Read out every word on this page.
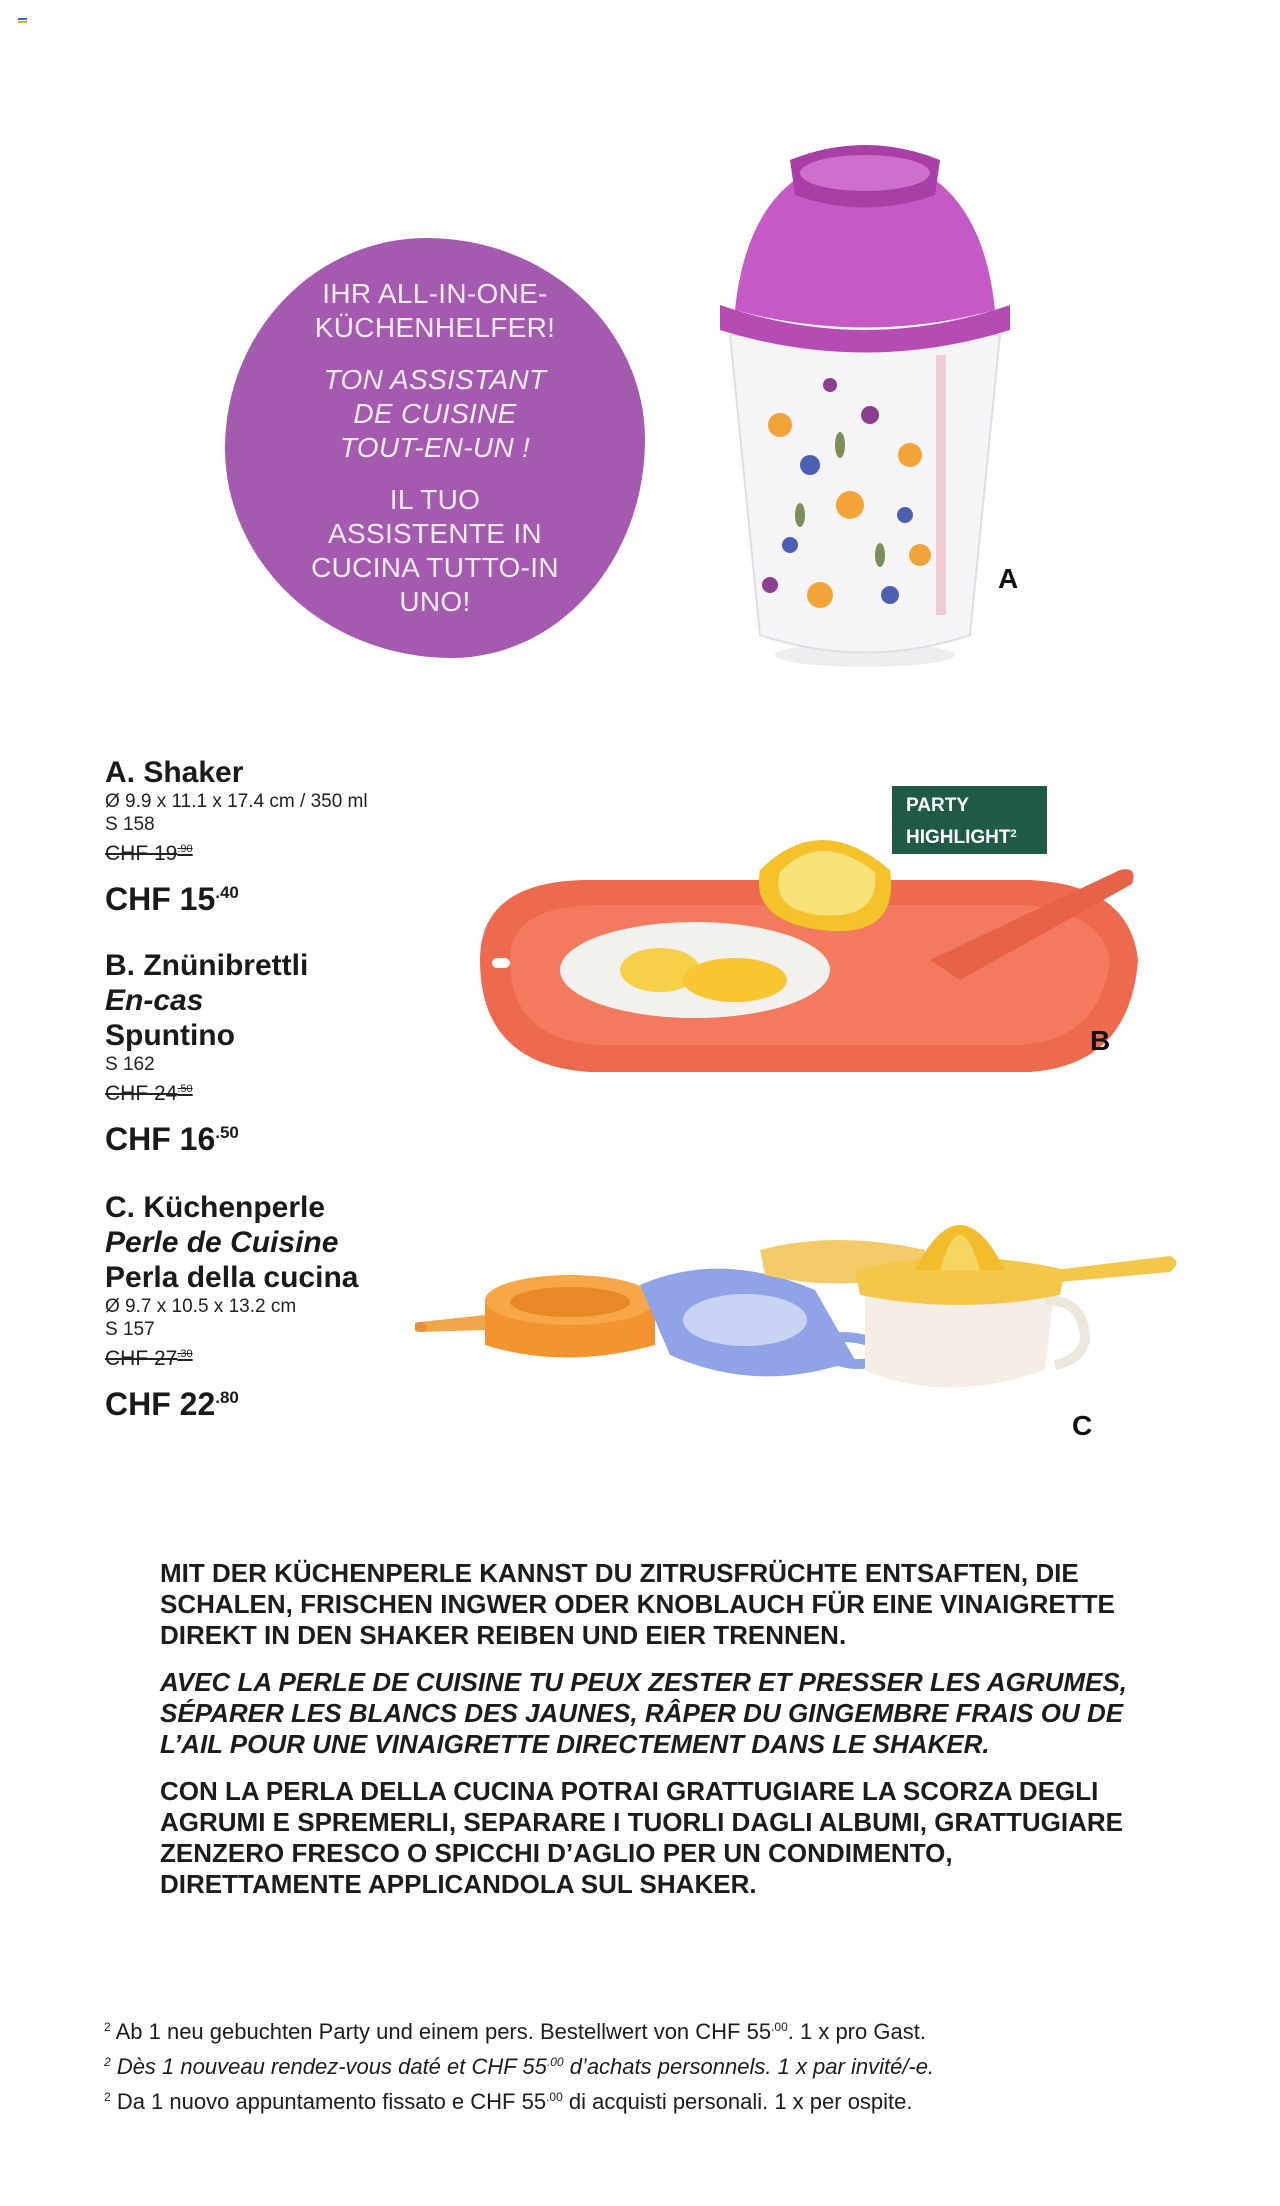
IHR ALL-IN-ONE-KÜCHENHELFER!

TON ASSISTANT DE CUISINE TOUT-EN-UN !

IL TUO ASSISTENTE IN CUCINA TUTTO-IN UNO!

A

A. Shaker

Ø 9.9 x 11.1 x 17.4 cm / 350 ml

S 158

CHF $19^{.90}$

CHF $15^{.40}$
PARTY
HIGHLIGHT$^2$
B

B. Znünibrettli

En-cas

Spuntino

S 162

CHF $24^{.50}$

CHF $16^{.50}$
C

C. Küchenperle

Perle de Cuisine

Perla della cucina

Ø 9.7 x 10.5 x 13.2 cm

S 157

CHF $27^{.30}$

CHF $22^{.80}$

MIT DER KÜCHENPERLE KANNST DU ZITRUSFRÜCHTE ENTSAFTEN, DIE SCHALEN, FRISCHEN INGWER ODER KNOBLAUCH FÜR EINE VINAIGRETTE DIREKT IN DEN SHAKER REIBEN UND EIER TRENNEN.

AVEC LA PERLE DE CUISINE TU PEUX ZESTER ET PRESSER LES AGRUMES, SÉPARER LES BLANCS DES JAUNES, RÂPER DU GINGEMBRE FRAIS OU DE L’AIL POUR UNE VINAIGRETTE DIRECTEMENT DANS LE SHAKER.

CON LA PERLA DELLA CUCINA POTRAI GRATTUGIARE LA SCORZA DEGLI AGRUMI E SPREMERLI, SEPARARE I TUORLI DAGLI ALBUMI, GRATTUGIARE ZENZERO FRESCO O SPICCHI D’AGLIO PER UN CONDIMENTO, DIRETTAMENTE APPLICANDOLA SUL SHAKER.

$^2$ Ab 1 neu gebuchten Party und einem pers. Bestellwert von CHF $55^{.00}$. 1 x pro Gast.

$^2$ Dès 1 nouveau rendez-vous daté et CHF $55^{.00}$ d’achats personnels. 1 x par invité/-e.

$^2$ Da 1 nuovo appuntamento fissato e CHF $55^{.00}$ di acquisti personali. 1 x per ospite.
